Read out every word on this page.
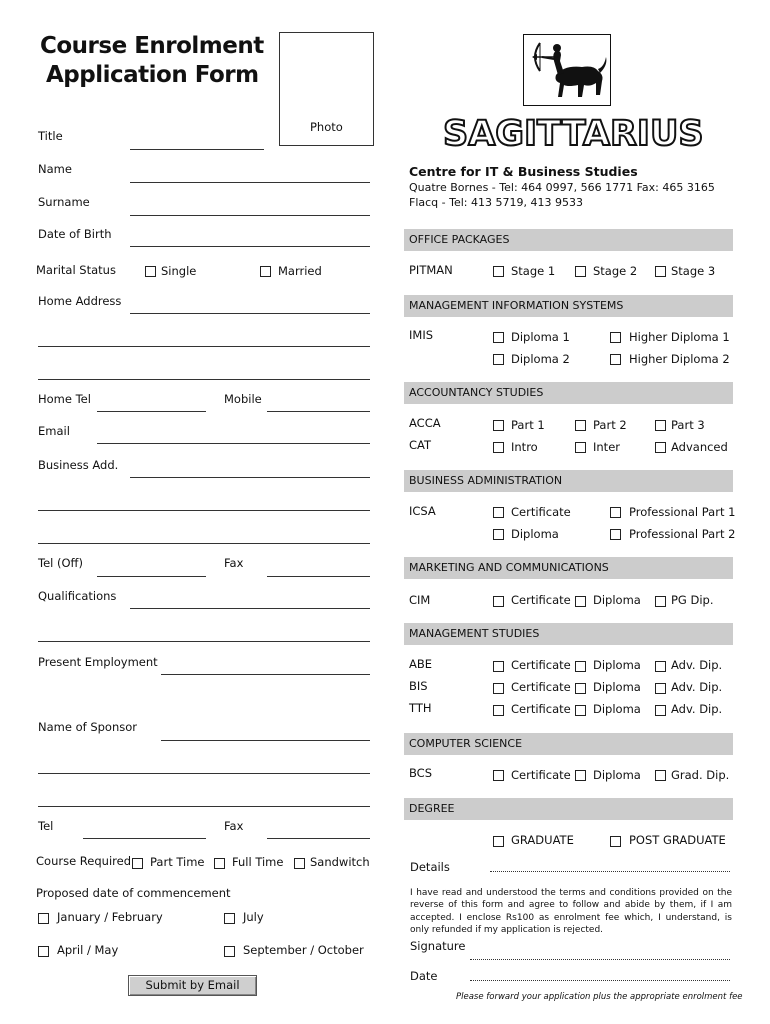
Course Enrolment
Application Form
Photo
Title
Name
Surname
Date of Birth
Marital Status	Single	Married
Home Address
Home Tel	Mobile
Email
Business Add.
Tel (Off)	Fax
Qualifications
Present Employment
Name of Sponsor
Tel	Fax
Course Required Part Time Full Time Sandwitch
Proposed date of commencement
January / February	July
April / May	September / October
Submit by Email
SAGITTARIUS
Centre for IT & Business Studies
Quatre Bornes - Tel: 464 0997, 566 1771 Fax: 465 3165
Flacq - Tel: 413 5719, 413 9533
OFFICE PACKAGES
PITMAN	Stage 1	Stage 2	Stage 3
MANAGEMENT INFORMATION SYSTEMS
IMIS	Diploma 1	Higher Diploma 1
Diploma 2	Higher Diploma 2
ACCOUNTANCY STUDIES
ACCA	Part 1	Part 2	Part 3
CAT	Intro	Inter	Advanced
BUSINESS ADMINISTRATION
ICSA	Certificate	Professional Part 1
Diploma	Professional Part 2
MARKETING AND COMMUNICATIONS
CIM	Certificate Diploma	PG Dip.
MANAGEMENT STUDIES
ABE	Certificate Diploma	Adv. Dip.
BIS	Certificate Diploma	Adv. Dip.
TTH	Certificate Diploma	Adv. Dip.
COMPUTER SCIENCE
BCS	Certificate Diploma	Grad. Dip.
DEGREE
GRADUATE	POST GRADUATE
Details
I have read and understood the terms and conditions provided on the reverse of this form and agree to follow and abide by them, if I am accepted. I enclose Rs100 as enrolment fee which, I understand, is only refunded if my application is rejected.
Signature
Date
Please forward your application plus the appropriate enrolment fee
